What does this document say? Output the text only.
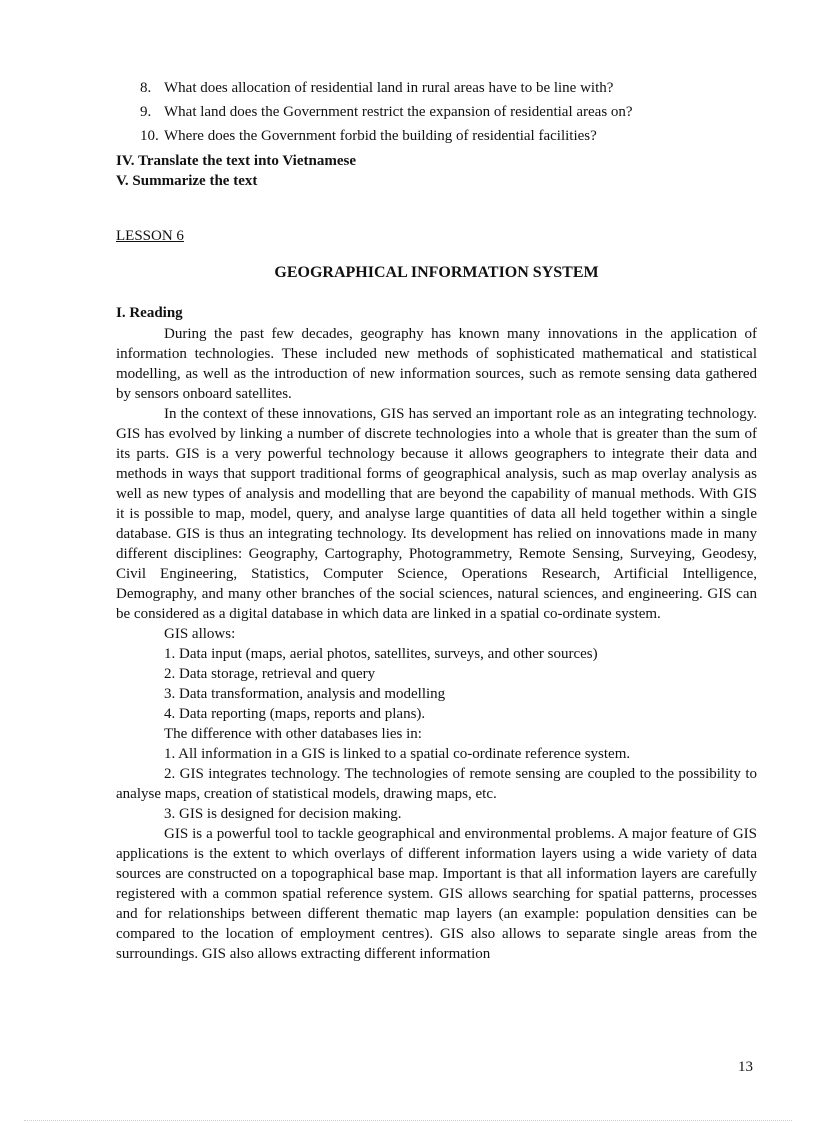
8. What does allocation of residential land in rural areas have to be line with?
9. What land does the Government restrict the expansion of residential areas on?
10. Where does the Government forbid the building of residential facilities?
IV. Translate the text into Vietnamese
V. Summarize the text
LESSON 6
GEOGRAPHICAL INFORMATION SYSTEM
I. Reading

During the past few decades, geography has known many innovations in the application of information technologies. These included new methods of sophisticated mathematical and statistical modelling, as well as the introduction of new information sources, such as remote sensing data gathered by sensors onboard satellites.

In the context of these innovations, GIS has served an important role as an integrating technology. GIS has evolved by linking a number of discrete technologies into a whole that is greater than the sum of its parts. GIS is a very powerful technology because it allows geographers to integrate their data and methods in ways that support traditional forms of geographical analysis, such as map overlay analysis as well as new types of analysis and modelling that are beyond the capability of manual methods. With GIS it is possible to map, model, query, and analyse large quantities of data all held together within a single database. GIS is thus an integrating technology. Its development has relied on innovations made in many different disciplines: Geography, Cartography, Photogrammetry, Remote Sensing, Surveying, Geodesy, Civil Engineering, Statistics, Computer Science, Operations Research, Artificial Intelligence, Demography, and many other branches of the social sciences, natural sciences, and engineering. GIS can be considered as a digital database in which data are linked in a spatial co-ordinate system.

GIS allows:

1. Data input (maps, aerial photos, satellites, surveys, and other sources)
2. Data storage, retrieval and query
3. Data transformation, analysis and modelling
4. Data reporting (maps, reports and plans).

The difference with other databases lies in:

1. All information in a GIS is linked to a spatial co-ordinate reference system.

2. GIS integrates technology. The technologies of remote sensing are coupled to the possibility to analyse maps, creation of statistical models, drawing maps, etc.

3. GIS is designed for decision making.

GIS is a powerful tool to tackle geographical and environmental problems. A major feature of GIS applications is the extent to which overlays of different information layers using a wide variety of data sources are constructed on a topographical base map. Important is that all information layers are carefully registered with a common spatial reference system. GIS allows searching for spatial patterns, processes and for relationships between different thematic map layers (an example: population densities can be compared to the location of employment centres). GIS also allows to separate single areas from the surroundings. GIS also allows extracting different information

13
